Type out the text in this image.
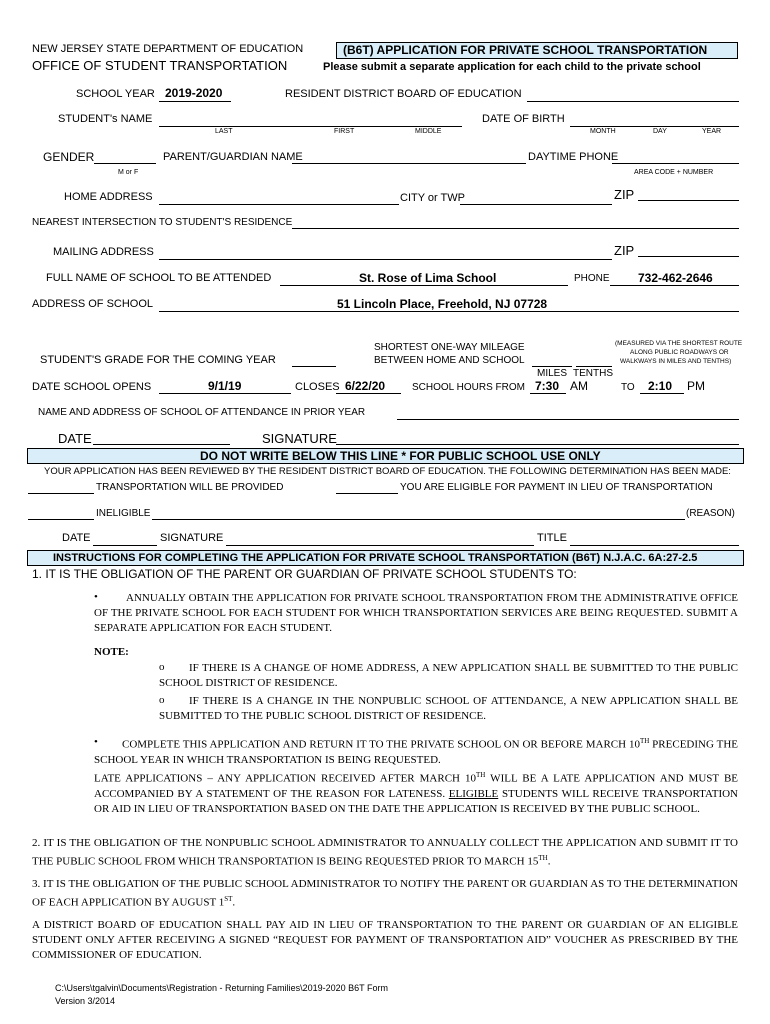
NEW JERSEY STATE DEPARTMENT OF EDUCATION
OFFICE OF STUDENT TRANSPORTATION
(B6T) APPLICATION FOR PRIVATE SCHOOL TRANSPORTATION
Please submit a separate application for each child to the private school
SCHOOL YEAR 2019-2020	RESIDENT DISTRICT BOARD OF EDUCATION
STUDENT's NAME
LAST	FIRST	MIDDLE
DATE OF BIRTH
MONTH	DAY	YEAR
GENDER
M or F
PARENT/GUARDIAN NAME	DAYTIME PHONE
AREA CODE + NUMBER
HOME ADDRESS	CITY or TWP	ZIP
NEAREST INTERSECTION TO STUDENT'S RESIDENCE
MAILING ADDRESS	ZIP
FULL NAME OF SCHOOL TO BE ATTENDED	St. Rose of Lima School	PHONE 732-462-2646
ADDRESS OF SCHOOL	51 Lincoln Place, Freehold, NJ 07728
SHORTEST ONE-WAY MILEAGE
BETWEEN HOME AND SCHOOL
(MEASURED VIA THE SHORTEST ROUTE
ALONG PUBLIC ROADWAYS OR
WALKWAYS IN MILES AND TENTHS)
MILES TENTHS
STUDENT'S GRADE FOR THE COMING YEAR
DATE SCHOOL OPENS	9/1/19	CLOSES 6/22/20	SCHOOL HOURS FROM 7:30 AM	TO 2:10 PM
NAME AND ADDRESS OF SCHOOL OF ATTENDANCE IN PRIOR YEAR
DATE	SIGNATURE
DO NOT WRITE BELOW THIS LINE * FOR PUBLIC SCHOOL USE ONLY
YOUR APPLICATION HAS BEEN REVIEWED BY THE RESIDENT DISTRICT BOARD OF EDUCATION. THE FOLLOWING DETERMINATION HAS BEEN MADE:
TRANSPORTATION WILL BE PROVIDED	YOU ARE ELIGIBLE FOR PAYMENT IN LIEU OF TRANSPORTATION
INELIGIBLE	(REASON)
DATE	SIGNATURE	TITLE
INSTRUCTIONS FOR COMPLETING THE APPLICATION FOR PRIVATE SCHOOL TRANSPORTATION (B6T) N.J.A.C. 6A:27-2.5
1. IT IS THE OBLIGATION OF THE PARENT OR GUARDIAN OF PRIVATE SCHOOL STUDENTS TO:
•	ANNUALLY OBTAIN THE APPLICATION FOR PRIVATE SCHOOL TRANSPORTATION FROM THE ADMINISTRATIVE OFFICE OF THE PRIVATE SCHOOL FOR EACH STUDENT FOR WHICH TRANSPORTATION SERVICES ARE BEING REQUESTED. SUBMIT A SEPARATE APPLICATION FOR EACH STUDENT.
NOTE:
o	IF THERE IS A CHANGE OF HOME ADDRESS, A NEW APPLICATION SHALL BE SUBMITTED TO THE PUBLIC SCHOOL DISTRICT OF RESIDENCE.
o	IF THERE IS A CHANGE IN THE NONPUBLIC SCHOOL OF ATTENDANCE, A NEW APPLICATION SHALL BE SUBMITTED TO THE PUBLIC SCHOOL DISTRICT OF RESIDENCE.
•	COMPLETE THIS APPLICATION AND RETURN IT TO THE PRIVATE SCHOOL ON OR BEFORE MARCH 10TH PRECEDING THE SCHOOL YEAR IN WHICH TRANSPORTATION IS BEING REQUESTED.
LATE APPLICATIONS – ANY APPLICATION RECEIVED AFTER MARCH 10TH WILL BE A LATE APPLICATION AND MUST BE ACCOMPANIED BY A STATEMENT OF THE REASON FOR LATENESS. ELIGIBLE STUDENTS WILL RECEIVE TRANSPORTATION OR AID IN LIEU OF TRANSPORTATION BASED ON THE DATE THE APPLICATION IS RECEIVED BY THE PUBLIC SCHOOL.
2. IT IS THE OBLIGATION OF THE NONPUBLIC SCHOOL ADMINISTRATOR TO ANNUALLY COLLECT THE APPLICATION AND SUBMIT IT TO THE PUBLIC SCHOOL FROM WHICH TRANSPORTATION IS BEING REQUESTED PRIOR TO MARCH 15TH.
3. IT IS THE OBLIGATION OF THE PUBLIC SCHOOL ADMINISTRATOR TO NOTIFY THE PARENT OR GUARDIAN AS TO THE DETERMINATION OF EACH APPLICATION BY AUGUST 1ST.
A DISTRICT BOARD OF EDUCATION SHALL PAY AID IN LIEU OF TRANSPORTATION TO THE PARENT OR GUARDIAN OF AN ELIGIBLE STUDENT ONLY AFTER RECEIVING A SIGNED “REQUEST FOR PAYMENT OF TRANSPORTATION AID” VOUCHER AS PRESCRIBED BY THE COMMISSIONER OF EDUCATION.
C:\Users\tgalvin\Documents\Registration - Returning Families\2019-2020 B6T Form
Version 3/2014
